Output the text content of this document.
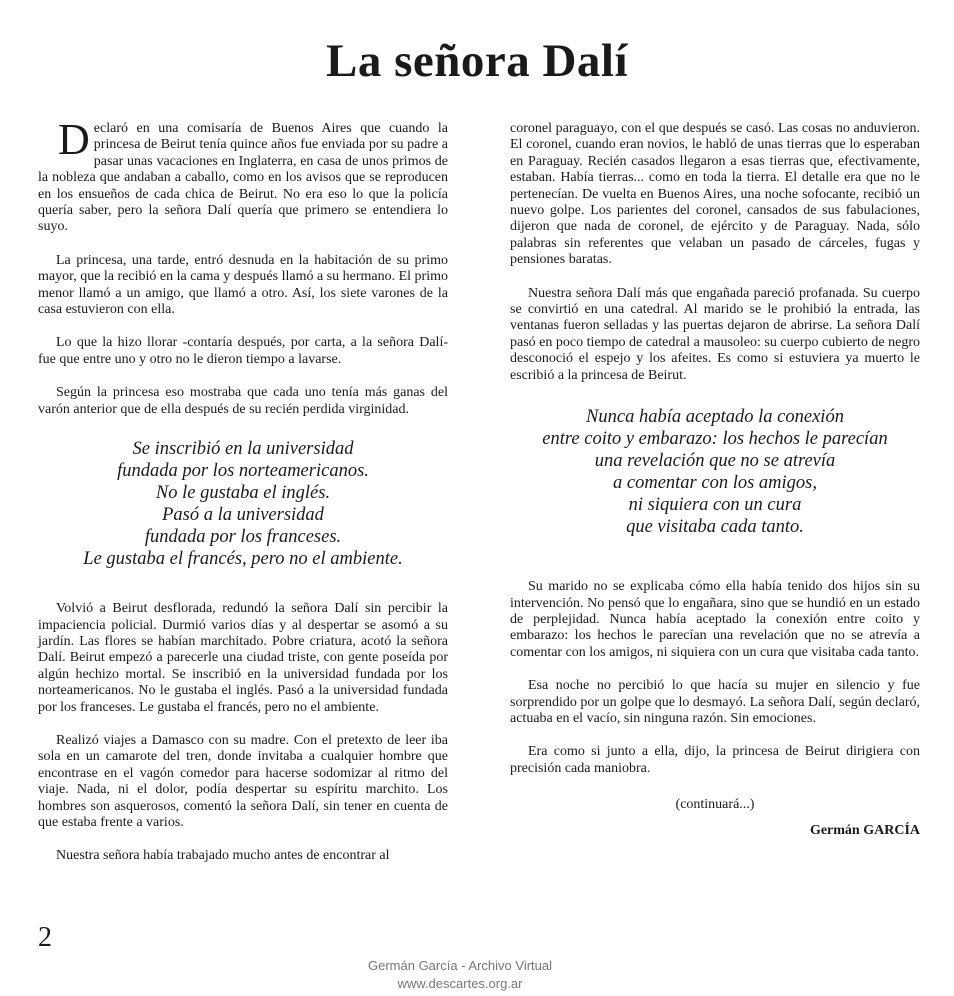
La señora Dalí

Declaró en una comisaría de Buenos Aires que cuando la princesa de Beirut tenía quince años fue enviada por su padre a pasar unas vacaciones en Inglaterra, en casa de unos primos de la nobleza que andaban a caballo, como en los avisos que se reproducen en los ensueños de cada chica de Beirut. No era eso lo que la policía quería saber, pero la señora Dalí quería que primero se entendiera lo suyo.

La princesa, una tarde, entró desnuda en la habitación de su primo mayor, que la recibió en la cama y después llamó a su hermano. El primo menor llamó a un amigo, que llamó a otro. Así, los siete varones de la casa estuvieron con ella.

Lo que la hizo llorar -contaría después, por carta, a la señora Dalí- fue que entre uno y otro no le dieron tiempo a lavarse.

Según la princesa eso mostraba que cada uno tenía más ganas del varón anterior que de ella después de su recién perdida virginidad.

Se inscribió en la universidad

fundada por los norteamericanos.

No le gustaba el inglés.

Pasó a la universidad

fundada por los franceses.

Le gustaba el francés, pero no el ambiente.

Volvió a Beirut desflorada, redundó la señora Dalí sin percibir la impaciencia policial. Durmió varios días y al despertar se asomó a su jardín. Las flores se habían marchitado. Pobre criatura, acotó la señora Dalí. Beirut empezó a parecerle una ciudad triste, con gente poseída por algún hechizo mortal. Se inscribió en la universidad fundada por los norteamericanos. No le gustaba el inglés. Pasó a la universidad fundada por los franceses. Le gustaba el francés, pero no el ambiente.

Realizó viajes a Damasco con su madre. Con el pretexto de leer iba sola en un camarote del tren, donde invitaba a cualquier hombre que encontrase en el vagón comedor para hacerse sodomizar al ritmo del viaje. Nada, ni el dolor, podía despertar su espíritu marchito. Los hombres son asquerosos, comentó la señora Dalí, sin tener en cuenta de que estaba frente a varios.

Nuestra señora había trabajado mucho antes de encontrar al

coronel paraguayo, con el que después se casó. Las cosas no anduvieron. El coronel, cuando eran novios, le habló de unas tierras que lo esperaban en Paraguay. Recién casados llegaron a esas tierras que, efectivamente, estaban. Había tierras... como en toda la tierra. El detalle era que no le pertenecían. De vuelta en Buenos Aires, una noche sofocante, recibió un nuevo golpe. Los parientes del coronel, cansados de sus fabulaciones, dijeron que nada de coronel, de ejército y de Paraguay. Nada, sólo palabras sin referentes que velaban un pasado de cárceles, fugas y pensiones baratas.

Nuestra señora Dalí más que engañada pareció profanada. Su cuerpo se convirtió en una catedral. Al marido se le prohibió la entrada, las ventanas fueron selladas y las puertas dejaron de abrirse. La señora Dalí pasó en poco tiempo de catedral a mausoleo: su cuerpo cubierto de negro desconoció el espejo y los afeites. Es como si estuviera ya muerto le escribió a la princesa de Beirut.

Nunca había aceptado la conexión

entre coito y embarazo: los hechos le parecían

una revelación que no se atrevía

a comentar con los amigos,

ni siquiera con un cura

que visitaba cada tanto.

Su marido no se explicaba cómo ella había tenido dos hijos sin su intervención. No pensó que lo engañara, sino que se hundió en un estado de perplejidad. Nunca había aceptado la conexión entre coito y embarazo: los hechos le parecían una revelación que no se atrevía a comentar con los amigos, ni siquiera con un cura que visitaba cada tanto.

Esa noche no percibió lo que hacía su mujer en silencio y fue sorprendido por un golpe que lo desmayó. La señora Dalí, según declaró, actuaba en el vacío, sin ninguna razón. Sin emociones.

Era como si junto a ella, dijo, la princesa de Beirut dirigiera con precisión cada maniobra.

(continuará...)

Germán GARCÍA

2
Germán García - Archivo Virtual
www.descartes.org.ar
